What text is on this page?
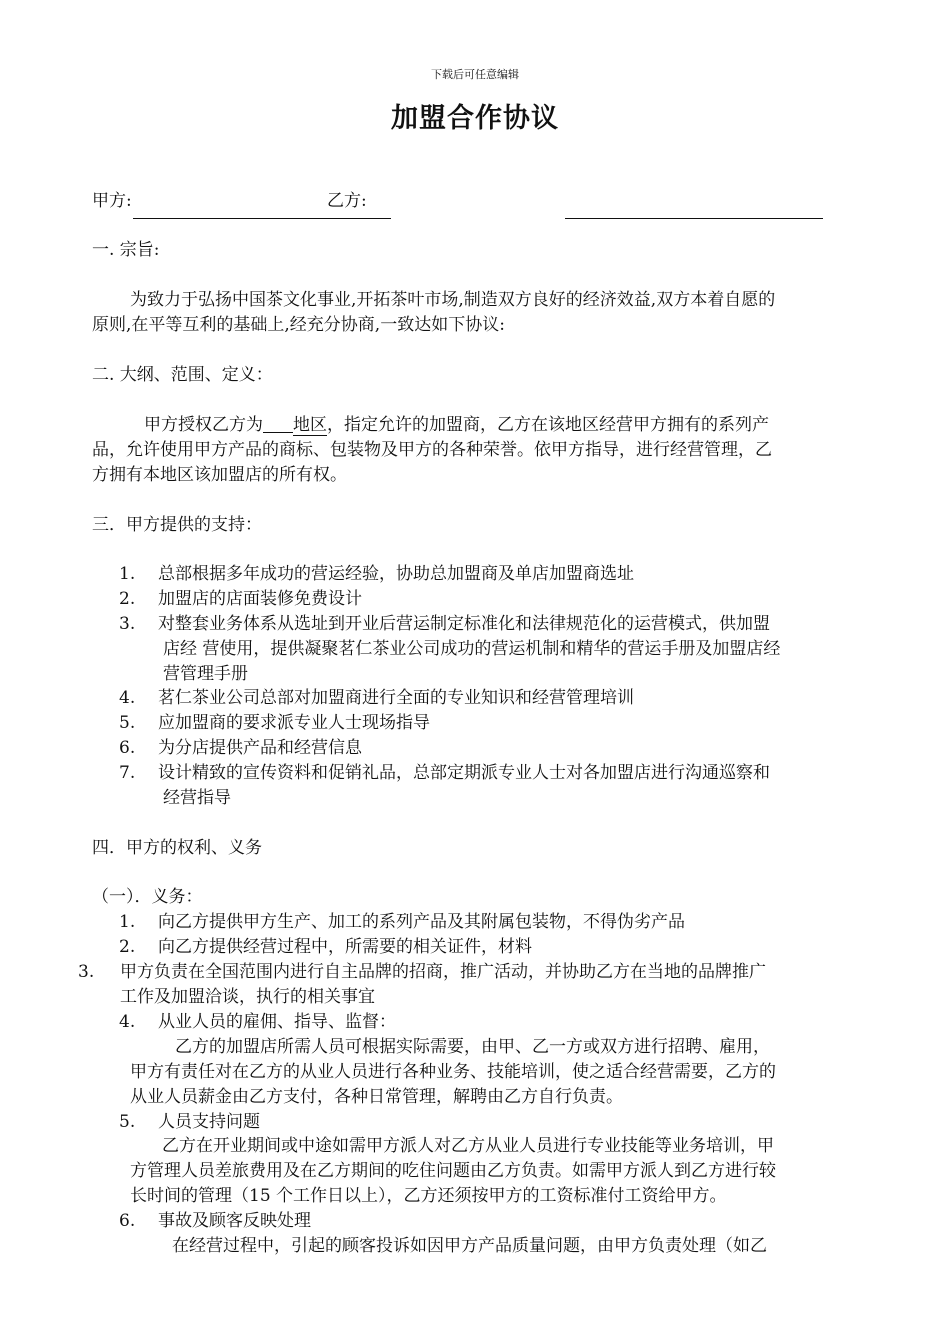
下载后可任意编辑
加盟合作协议
甲方:	乙方:
一. 宗旨:
为致力于弘扬中国茶文化事业,开拓茶叶市场,制造双方良好的经济效益,双方本着自愿的
原则,在平等互利的基础上,经充分协商,一致达如下协议:
二. 大纲、范围、定义：
甲方授权乙方为 地区，指定允许的加盟商，乙方在该地区经营甲方拥有的系列产
品，允许使用甲方产品的商标、包装物及甲方的各种荣誉。依甲方指导，进行经营管理，乙
方拥有本地区该加盟店的所有权。
三．甲方提供的支持：
1. 总部根据多年成功的营运经验，协助总加盟商及单店加盟商选址
2. 加盟店的店面装修免费设计
3. 对整套业务体系从选址到开业后营运制定标准化和法律规范化的运营模式，供加盟
店经 营使用，提供凝聚茗仁茶业公司成功的营运机制和精华的营运手册及加盟店经
营管理手册
4. 茗仁茶业公司总部对加盟商进行全面的专业知识和经营管理培训
5. 应加盟商的要求派专业人士现场指导
6. 为分店提供产品和经营信息
7. 设计精致的宣传资料和促销礼品，总部定期派专业人士对各加盟店进行沟通巡察和
经营指导
四．甲方的权利、义务
（一）．义务：
1. 向乙方提供甲方生产、加工的系列产品及其附属包装物，不得伪劣产品
2. 向乙方提供经营过程中，所需要的相关证件，材料
3. 甲方负责在全国范围内进行自主品牌的招商，推广活动，并协助乙方在当地的品牌推广
工作及加盟洽谈，执行的相关事宜
4. 从业人员的雇佣、指导、监督：
乙方的加盟店所需人员可根据实际需要，由甲、乙一方或双方进行招聘、雇用，
甲方有责任对在乙方的从业人员进行各种业务、技能培训，使之适合经营需要，乙方的
从业人员薪金由乙方支付，各种日常管理，解聘由乙方自行负责。
5. 人员支持问题
乙方在开业期间或中途如需甲方派人对乙方从业人员进行专业技能等业务培训，甲
方管理人员差旅费用及在乙方期间的吃住问题由乙方负责。如需甲方派人到乙方进行较
长时间的管理（15 个工作日以上），乙方还须按甲方的工资标准付工资给甲方。
6. 事故及顾客反映处理
在经营过程中，引起的顾客投诉如因甲方产品质量问题，由甲方负责处理（如乙
